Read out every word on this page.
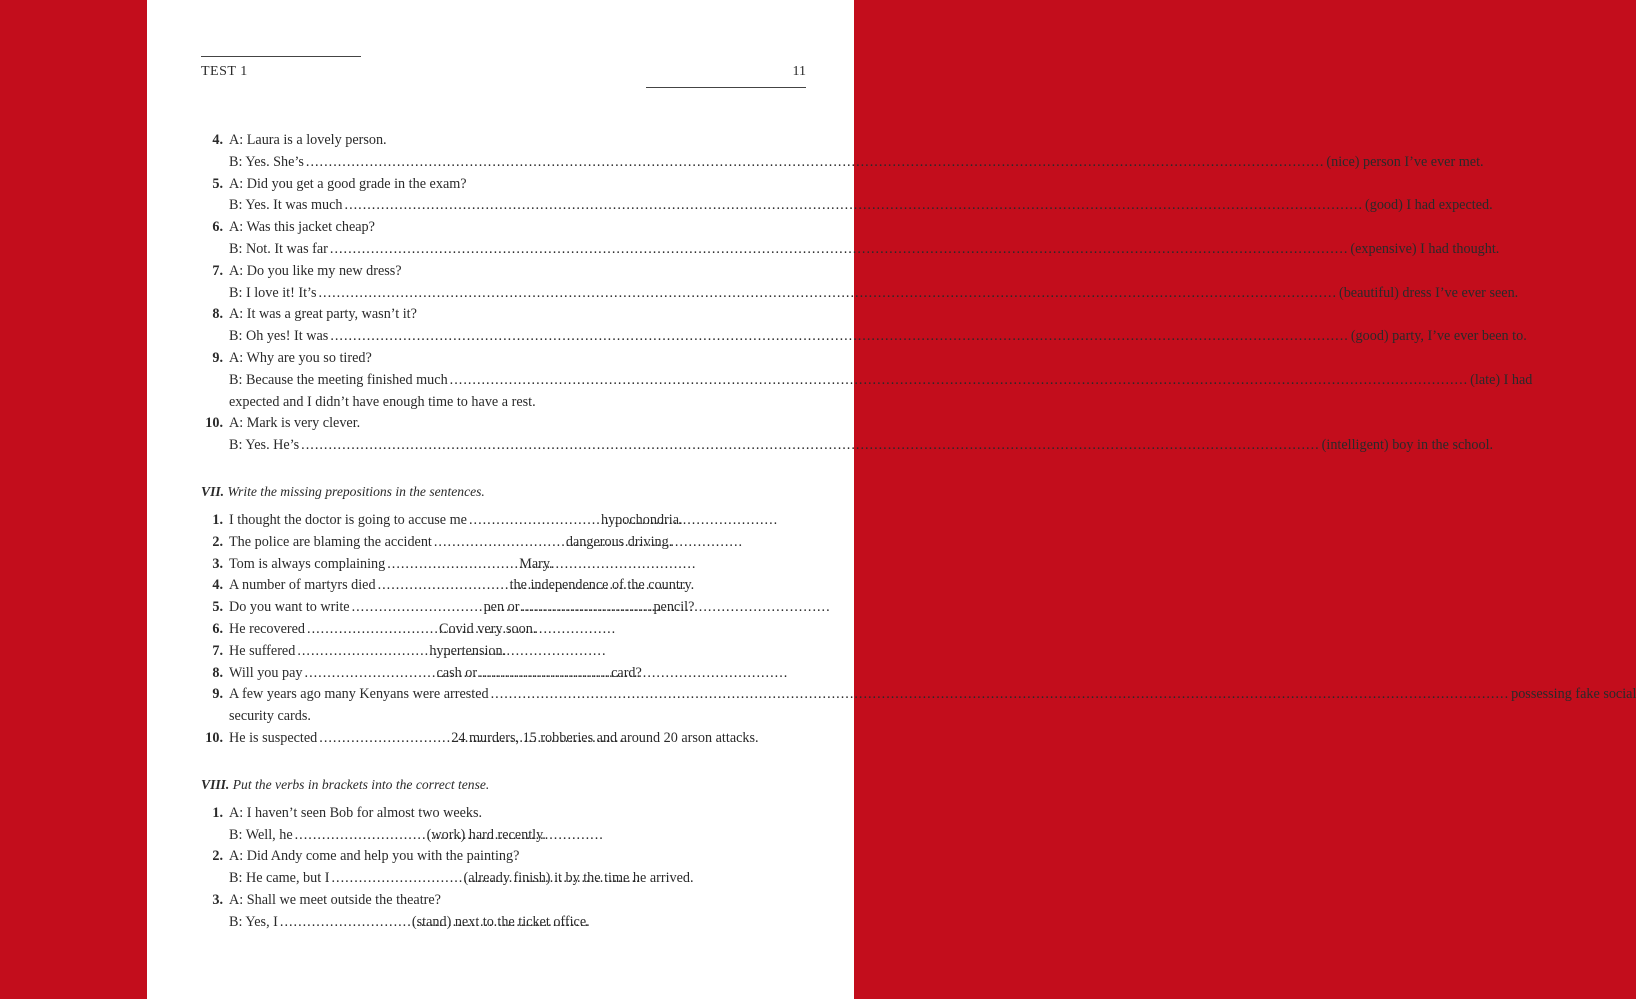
TEST 1	11
4. A: Laura is a lovely person.
B: Yes. She’s .....	(nice) person I’ve ever met.
5. A: Did you get a good grade in the exam?
B: Yes. It was much .....	(good) I had expected.
6. A: Was this jacket cheap?
B: Not. It was far .....	(expensive) I had thought.
7. A: Do you like my new dress?
B: I love it! It’s .....	(beautiful) dress I’ve ever seen.
8. A: It was a great party, wasn’t it?
B: Oh yes! It was .....	(good) party, I’ve ever been to.
9. A: Why are you so tired?
B: Because the meeting finished much .....	(late) I had
expected and I didn’t have enough time to have a rest.
10. A: Mark is very clever.
B: Yes. He’s .....	(intelligent) boy in the school.
VII. Write the missing prepositions in the sentences.
1. I thought the doctor is going to accuse me .....	hypochondria.
2. The police are blaming the accident .....	dangerous driving.
3. Tom is always complaining .....	Mary.
4. A number of martyrs died .....	the independence of the country.
5. Do you want to write .....	pen or .....	pencil?
6. He recovered .....	Covid very soon.
7. He suffered .....	hypertension.
8. Will you pay .....	cash or .....	card?
9. A few years ago many Kenyans were arrested .....	possessing fake social
security cards.
10. He is suspected .....	24 murders, 15 robberies and around 20 arson attacks.
VIII. Put the verbs in brackets into the correct tense.
1. A: I haven’t seen Bob for almost two weeks.
B: Well, he .....	(work) hard recently.
2. A: Did Andy come and help you with the painting?
B: He came, but I .....	(already finish) it by the time he arrived.
3. A: Shall we meet outside the theatre?
B: Yes, I .....	(stand) next to the ticket office.
